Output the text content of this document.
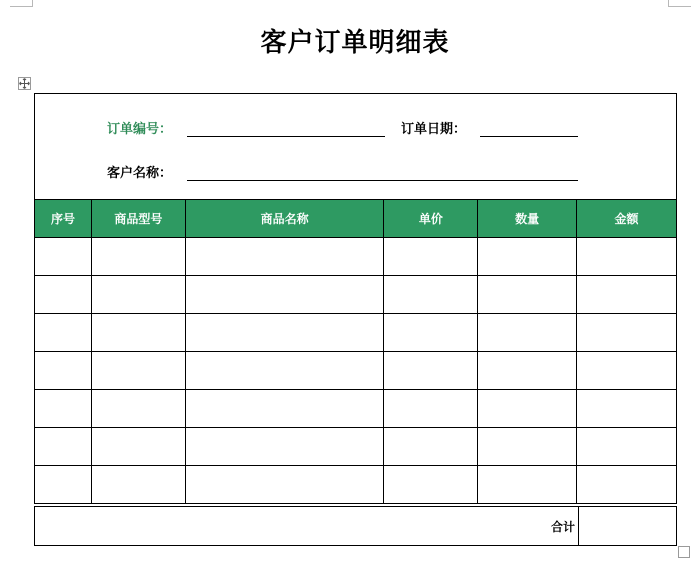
客户订单明细表
订单编号：	订单日期：
客户名称：
序号	商品型号	商品名称	单价	数量	金额

合计
